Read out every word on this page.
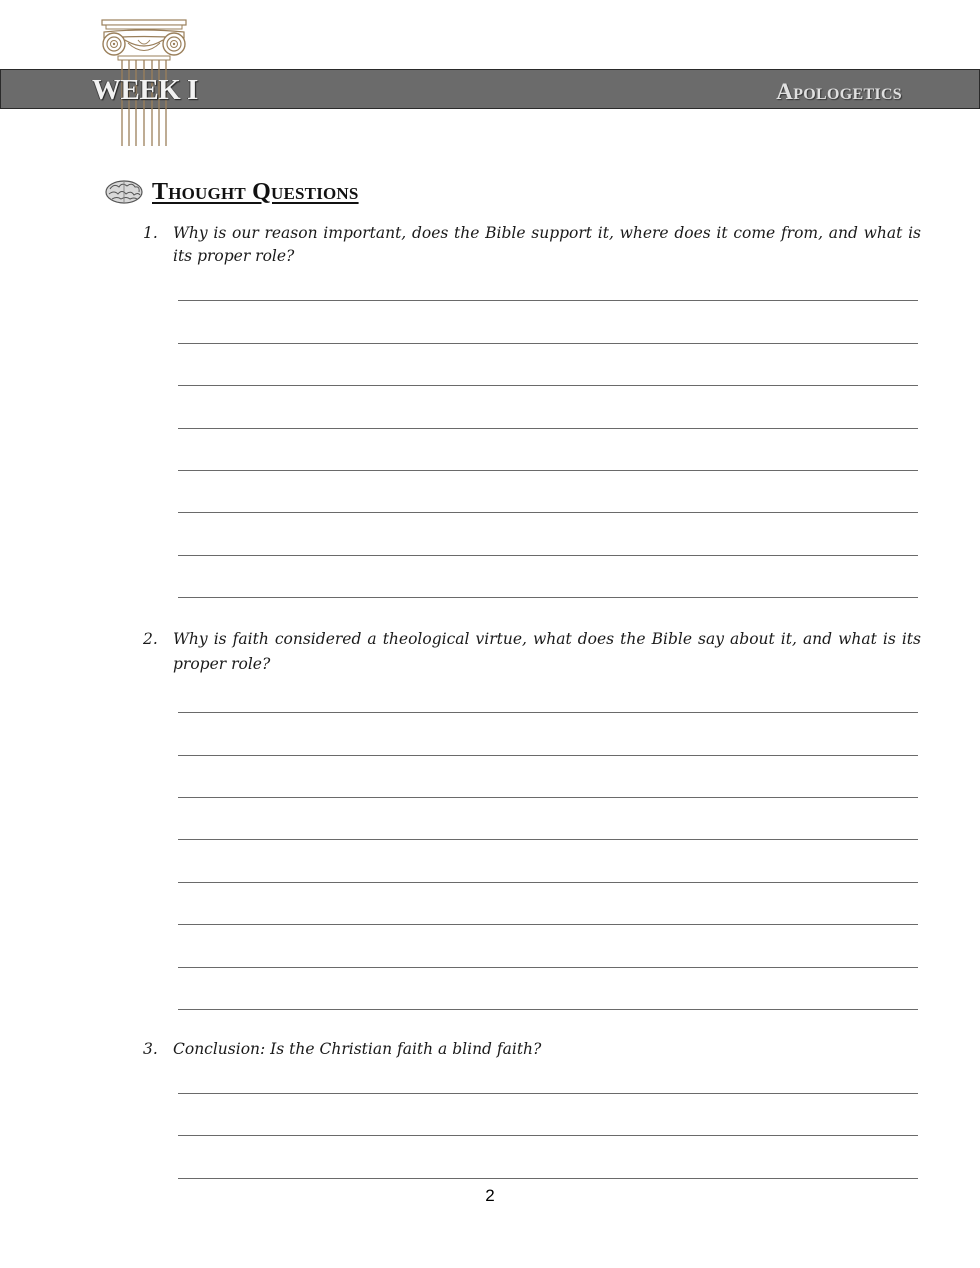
WEEK I	Apologetics
Thought Questions
1. Why is our reason important, does the Bible support it, where does it come from, and what is its proper role?
2. Why is faith considered a theological virtue, what does the Bible say about it, and what is its proper role?
3. Conclusion: Is the Christian faith a blind faith?
2
